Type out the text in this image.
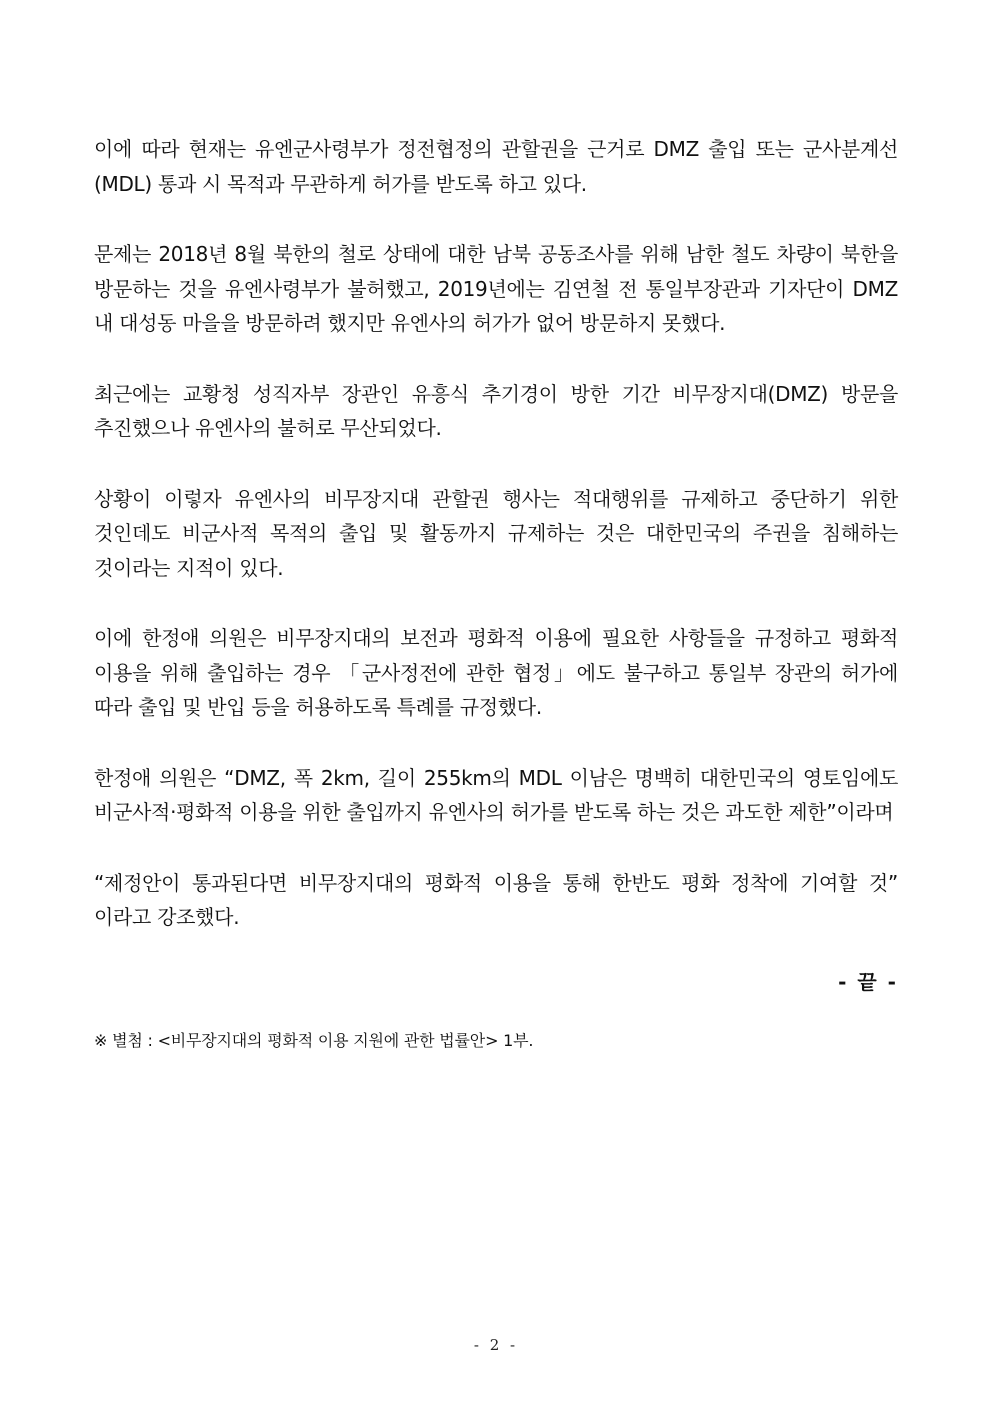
이에 따라 현재는 유엔군사령부가 정전협정의 관할권을 근거로 DMZ 출입 또는 군사분계선(MDL) 통과 시 목적과 무관하게 허가를 받도록 하고 있다.

문제는 2018년 8월 북한의 철로 상태에 대한 남북 공동조사를 위해 남한 철도 차량이 북한을 방문하는 것을 유엔사령부가 불허했고, 2019년에는 김연철 전 통일부장관과 기자단이 DMZ 내 대성동 마을을 방문하려 했지만 유엔사의 허가가 없어 방문하지 못했다.

최근에는 교황청 성직자부 장관인 유흥식 추기경이 방한 기간 비무장지대(DMZ) 방문을 추진했으나 유엔사의 불허로 무산되었다.

상황이 이렇자 유엔사의 비무장지대 관할권 행사는 적대행위를 규제하고 중단하기 위한 것인데도 비군사적 목적의 출입 및 활동까지 규제하는 것은 대한민국의 주권을 침해하는 것이라는 지적이 있다.

이에 한정애 의원은 비무장지대의 보전과 평화적 이용에 필요한 사항들을 규정하고 평화적 이용을 위해 출입하는 경우 「군사정전에 관한 협정」에도 불구하고 통일부 장관의 허가에 따라 출입 및 반입 등을 허용하도록 특례를 규정했다.

한정애 의원은 “DMZ, 폭 2km, 길이 255km의 MDL 이남은 명백히 대한민국의 영토임에도 비군사적·평화적 이용을 위한 출입까지 유엔사의 허가를 받도록 하는 것은 과도한 제한”이라며

“제정안이 통과된다면 비무장지대의 평화적 이용을 통해 한반도 평화 정착에 기여할 것” 이라고 강조했다.

- 끝 -

※ 별첨 : <비무장지대의 평화적 이용 지원에 관한 법률안> 1부.

- 2 -
